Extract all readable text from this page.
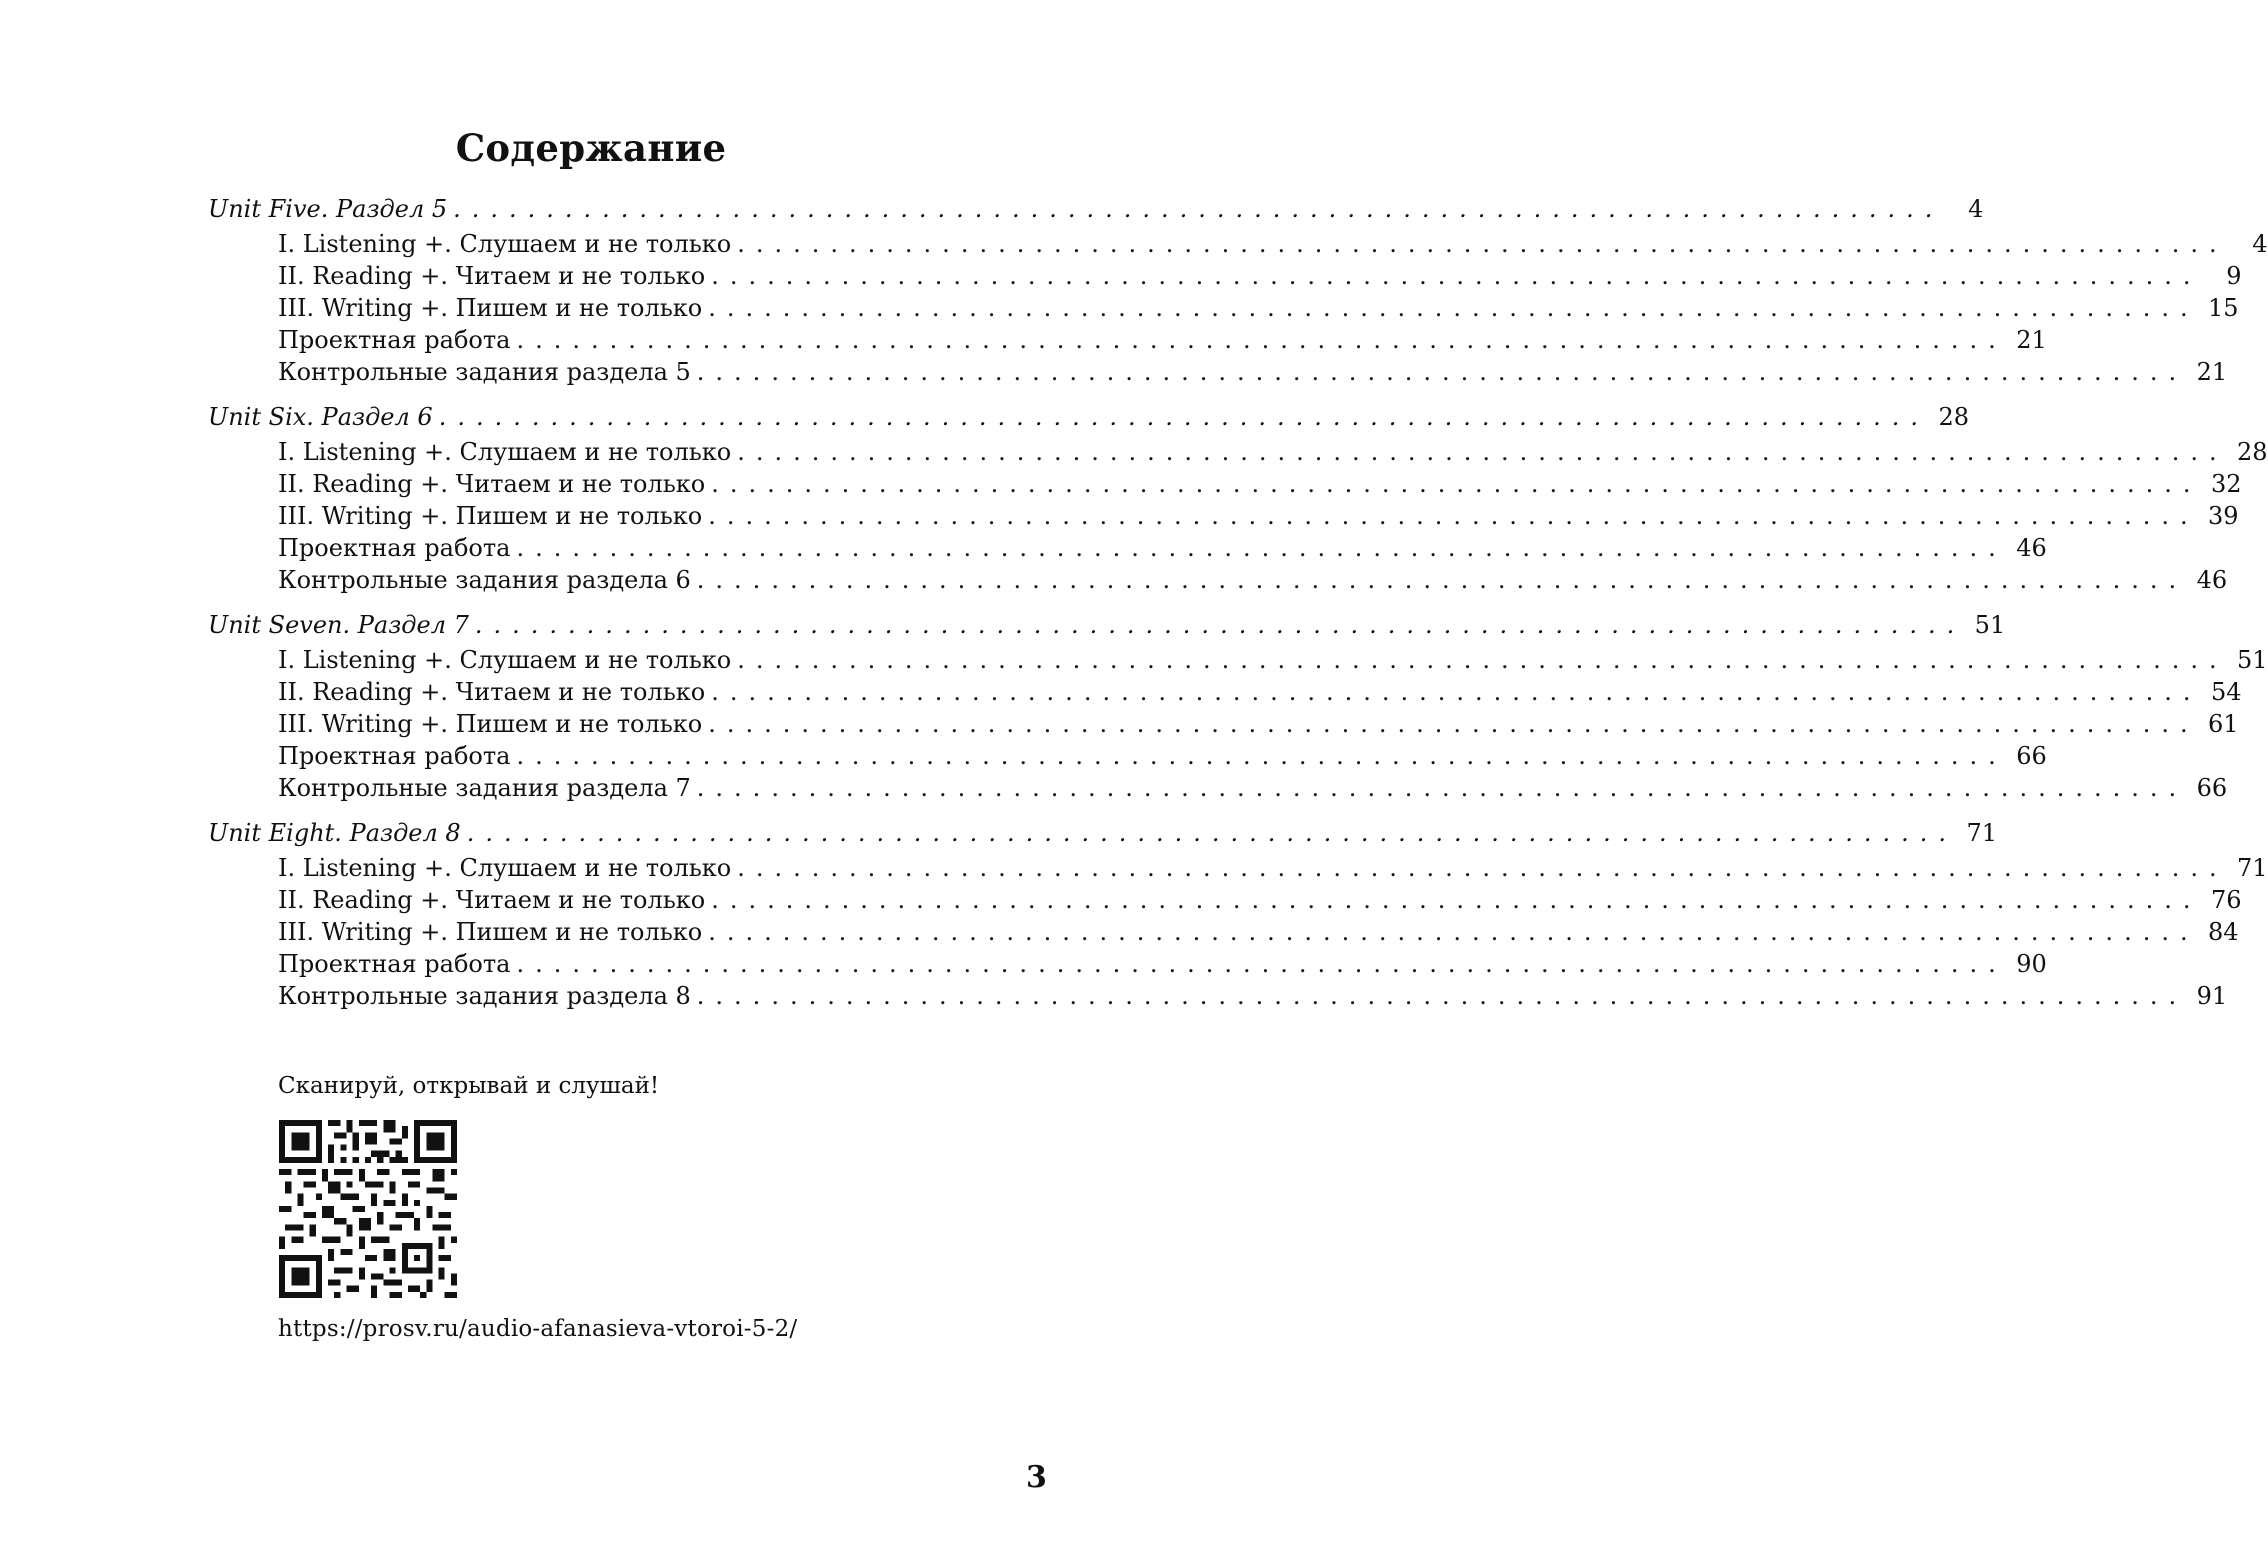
Содержание
Unit Five. Раздел 5 ................................................................................	4
I. Listening +. Слушаем и не только ................................................................................	4
II. Reading +. Читаем и не только ................................................................................	9
III. Writing +. Пишем и не только ................................................................................ 15
Проектная работа ................................................................................ 21
Контрольные задания раздела 5 ................................................................................ 21
Unit Six. Раздел 6 ................................................................................ 28
I. Listening +. Слушаем и не только ................................................................................ 28
II. Reading +. Читаем и не только ................................................................................ 32
III. Writing +. Пишем и не только ................................................................................ 39
Проектная работа ................................................................................ 46
Контрольные задания раздела 6 ................................................................................ 46
Unit Seven. Раздел 7 ................................................................................ 51
I. Listening +. Слушаем и не только ................................................................................ 51
II. Reading +. Читаем и не только ................................................................................ 54
III. Writing +. Пишем и не только ................................................................................ 61
Проектная работа ................................................................................ 66
Контрольные задания раздела 7 ................................................................................ 66
Unit Eight. Раздел 8 ................................................................................ 71
I. Listening +. Слушаем и не только ................................................................................ 71
II. Reading +. Читаем и не только ................................................................................ 76
III. Writing +. Пишем и не только ................................................................................ 84
Проектная работа ................................................................................ 90
Контрольные задания раздела 8 ................................................................................ 91
Сканируй, открывай и слушай!
https://prosv.ru/audio-afanasieva-vtoroi-5-2/
3
